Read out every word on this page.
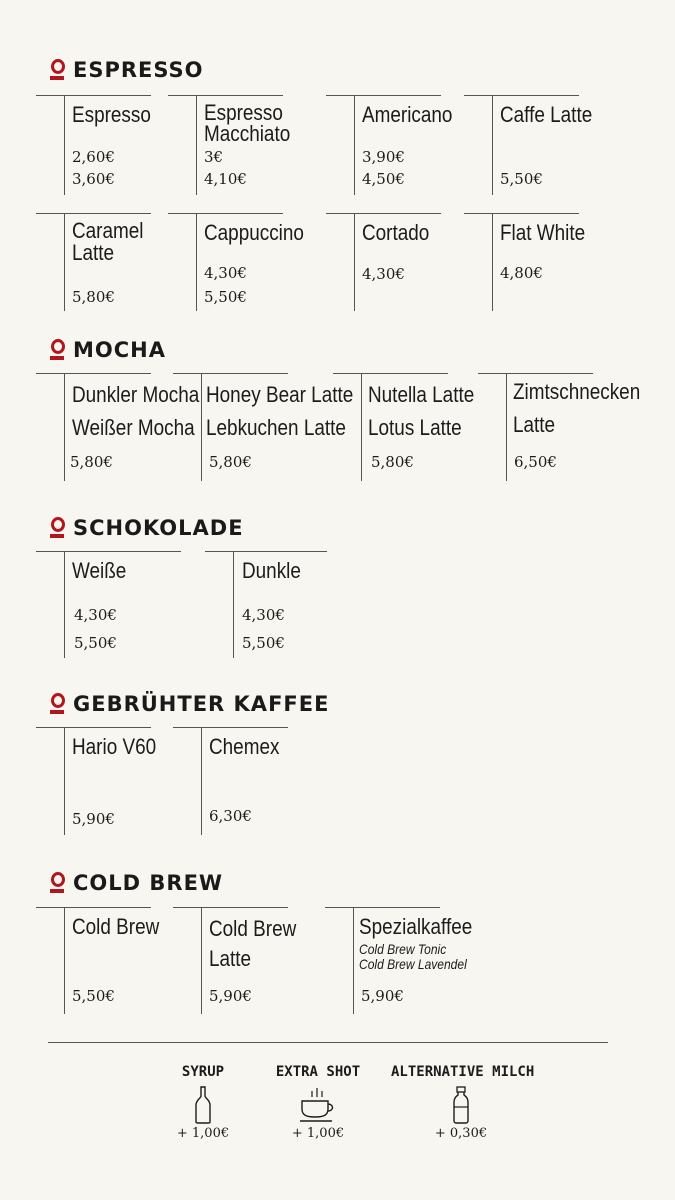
ESPRESSO
Espresso
2,60€
3,60€
Espresso
Macchiato
3€
4,10€
Americano
3,90€
4,50€
Caffe Latte
5,50€
Caramel
Latte
5,80€
Cappuccino
4,30€
5,50€
Cortado
4,30€
Flat White
4,80€
MOCHA
Dunkler Mocha
Weißer Mocha
5,80€
Honey Bear Latte
Lebkuchen Latte
5,80€
Nutella Latte
Lotus Latte
5,80€
Zimtschnecken
Latte
6,50€
SCHOKOLADE
Weiße
4,30€
5,50€
Dunkle
4,30€
5,50€
GEBRÜHTER KAFFEE
Hario V60
5,90€
Chemex
6,30€
COLD BREW
Cold Brew
5,50€
Cold Brew
Latte
5,90€
Spezialkaffee
Cold Brew Tonic
Cold Brew Lavendel
5,90€
SYRUP
+ 1,00€
EXTRA SHOT
+ 1,00€
ALTERNATIVE MILCH
+ 0,30€
